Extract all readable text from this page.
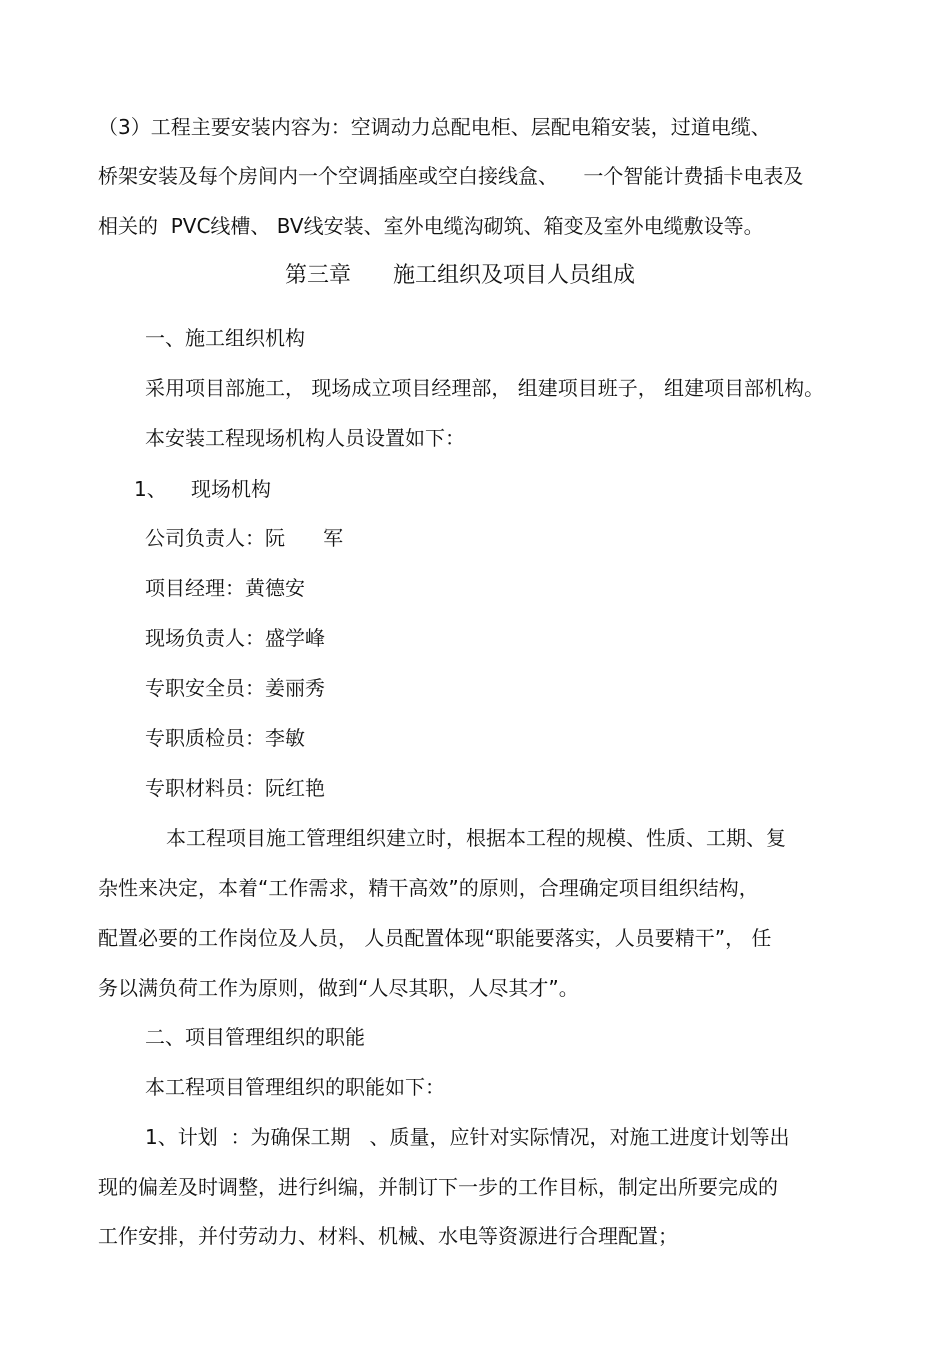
（3）工程主要安装内容为：空调动力总配电柜、层配电箱安装，过道电缆、
桥架安装及每个房间内一个空调插座或空白接线盒、    一个智能计费插卡电表及
相关的  PVC线槽、 BV线安装、室外电缆沟砌筑、箱变及室外电缆敷设等。
第三章      施工组织及项目人员组成
一、施工组织机构
采用项目部施工， 现场成立项目经理部， 组建项目班子， 组建项目部机构。
本安装工程现场机构人员设置如下：
1、 现场机构
公司负责人：阮      军
项目经理：黄德安
现场负责人：盛学峰
专职安全员：姜丽秀
专职质检员：李敏
专职材料员：阮红艳
本工程项目施工管理组织建立时，根据本工程的规模、性质、工期、复
杂性来决定，本着“工作需求，精干高效”的原则，合理确定项目组织结构，
配置必要的工作岗位及人员， 人员配置体现“职能要落实，人员要精干”， 任
务以满负荷工作为原则，做到“人尽其职，人尽其才”。
二、项目管理组织的职能
本工程项目管理组织的职能如下：
1、计划  ：为确保工期   、质量，应针对实际情况，对施工进度计划等出
现的偏差及时调整，进行纠编，并制订下一步的工作目标，制定出所要完成的
工作安排，并付劳动力、材料、机械、水电等资源进行合理配置；
